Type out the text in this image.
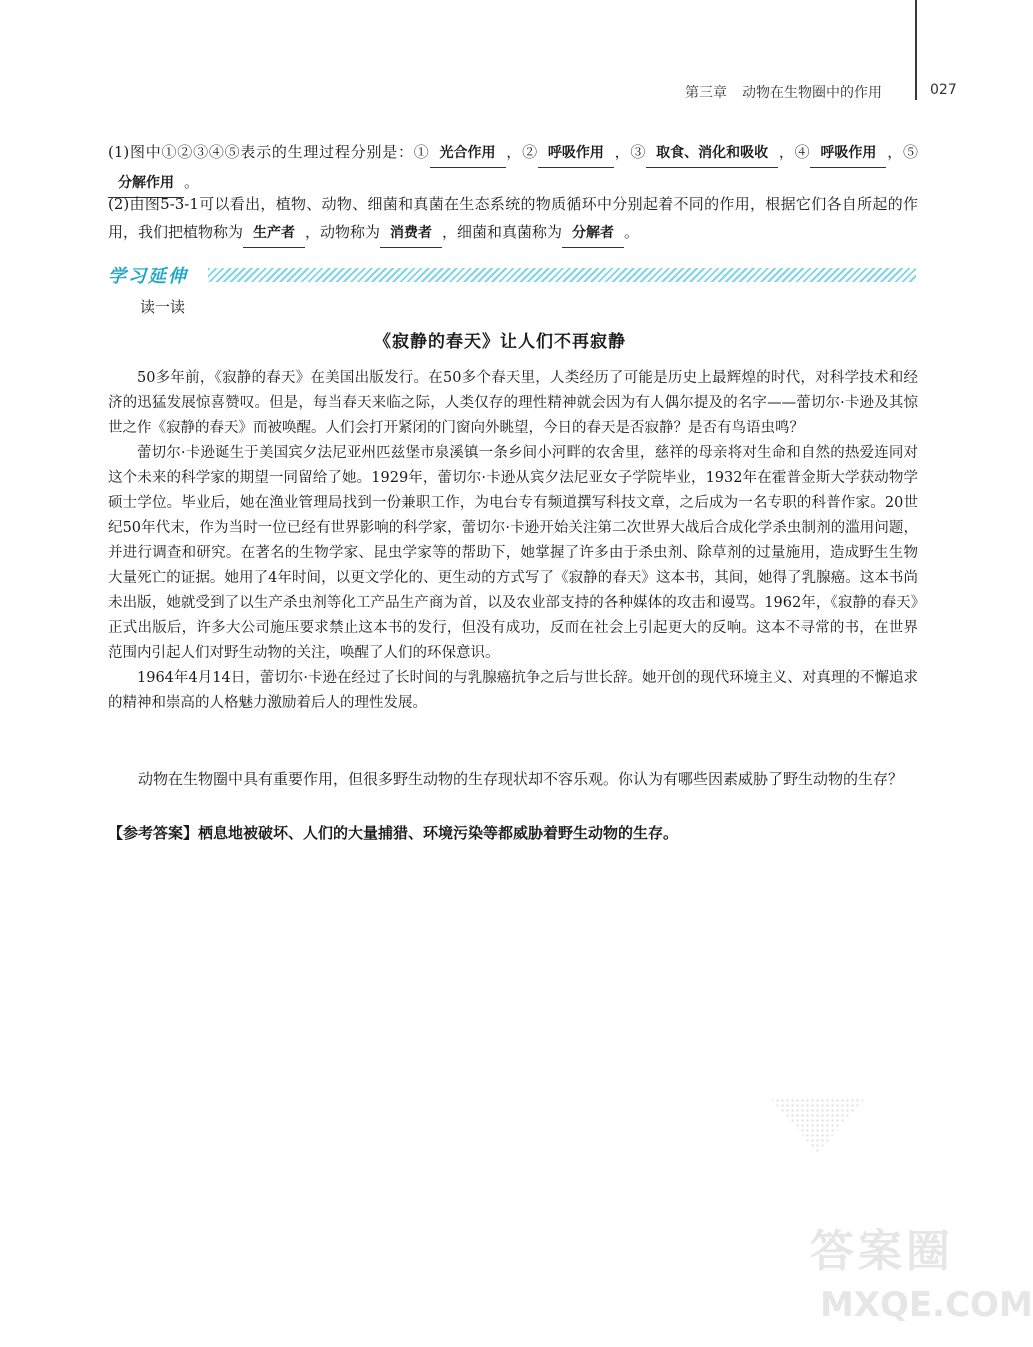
第三章 动物在生物圈中的作用	027
(1)图中①②③④⑤表示的生理过程分别是：① 光合作用 ，② 呼吸作用 ，③ 取食、消化和吸收 ，④ 呼吸作用 ，⑤分解作用 。
(2)由图5-3-1可以看出，植物、动物、细菌和真菌在生态系统的物质循环中分别起着不同的作用，根据它们各自所起的作用，我们把植物称为 生产者 ，动物称为 消费者 ，细菌和真菌称为 分解者 。
学习延伸
读一读
《寂静的春天》让人们不再寂静

50多年前，《寂静的春天》在美国出版发行。在50多个春天里，人类经历了可能是历史上最辉煌的时代，对科学技术和经济的迅猛发展惊喜赞叹。但是，每当春天来临之际，人类仅存的理性精神就会因为有人偶尔提及的名字——蕾切尔·卡逊及其惊世之作《寂静的春天》而被唤醒。人们会打开紧闭的门窗向外眺望，今日的春天是否寂静？是否有鸟语虫鸣？

蕾切尔·卡逊诞生于美国宾夕法尼亚州匹兹堡市泉溪镇一条乡间小河畔的农舍里，慈祥的母亲将对生命和自然的热爱连同对这个未来的科学家的期望一同留给了她。1929年，蕾切尔·卡逊从宾夕法尼亚女子学院毕业，1932年在霍普金斯大学获动物学硕士学位。毕业后，她在渔业管理局找到一份兼职工作，为电台专有频道撰写科技文章，之后成为一名专职的科普作家。20世纪50年代末，作为当时一位已经有世界影响的科学家，蕾切尔·卡逊开始关注第二次世界大战后合成化学杀虫制剂的滥用问题，并进行调查和研究。在著名的生物学家、昆虫学家等的帮助下，她掌握了许多由于杀虫剂、除草剂的过量施用，造成野生生物大量死亡的证据。她用了4年时间，以更文学化的、更生动的方式写了《寂静的春天》这本书，其间，她得了乳腺癌。这本书尚未出版，她就受到了以生产杀虫剂等化工产品生产商为首，以及农业部支持的各种媒体的攻击和谩骂。1962年，《寂静的春天》正式出版后，许多大公司施压要求禁止这本书的发行，但没有成功，反而在社会上引起更大的反响。这本不寻常的书，在世界范围内引起人们对野生动物的关注，唤醒了人们的环保意识。

1964年4月14日，蕾切尔·卡逊在经过了长时间的与乳腺癌抗争之后与世长辞。她开创的现代环境主义、对真理的不懈追求的精神和崇高的人格魅力激励着后人的理性发展。

动物在生物圈中具有重要作用，但很多野生动物的生存现状却不容乐观。你认为有哪些因素威胁了野生动物的生存？
【参考答案】栖息地被破坏、人们的大量捕猎、环境污染等都威胁着野生动物的生存。
答案圈
MXQE.COM
